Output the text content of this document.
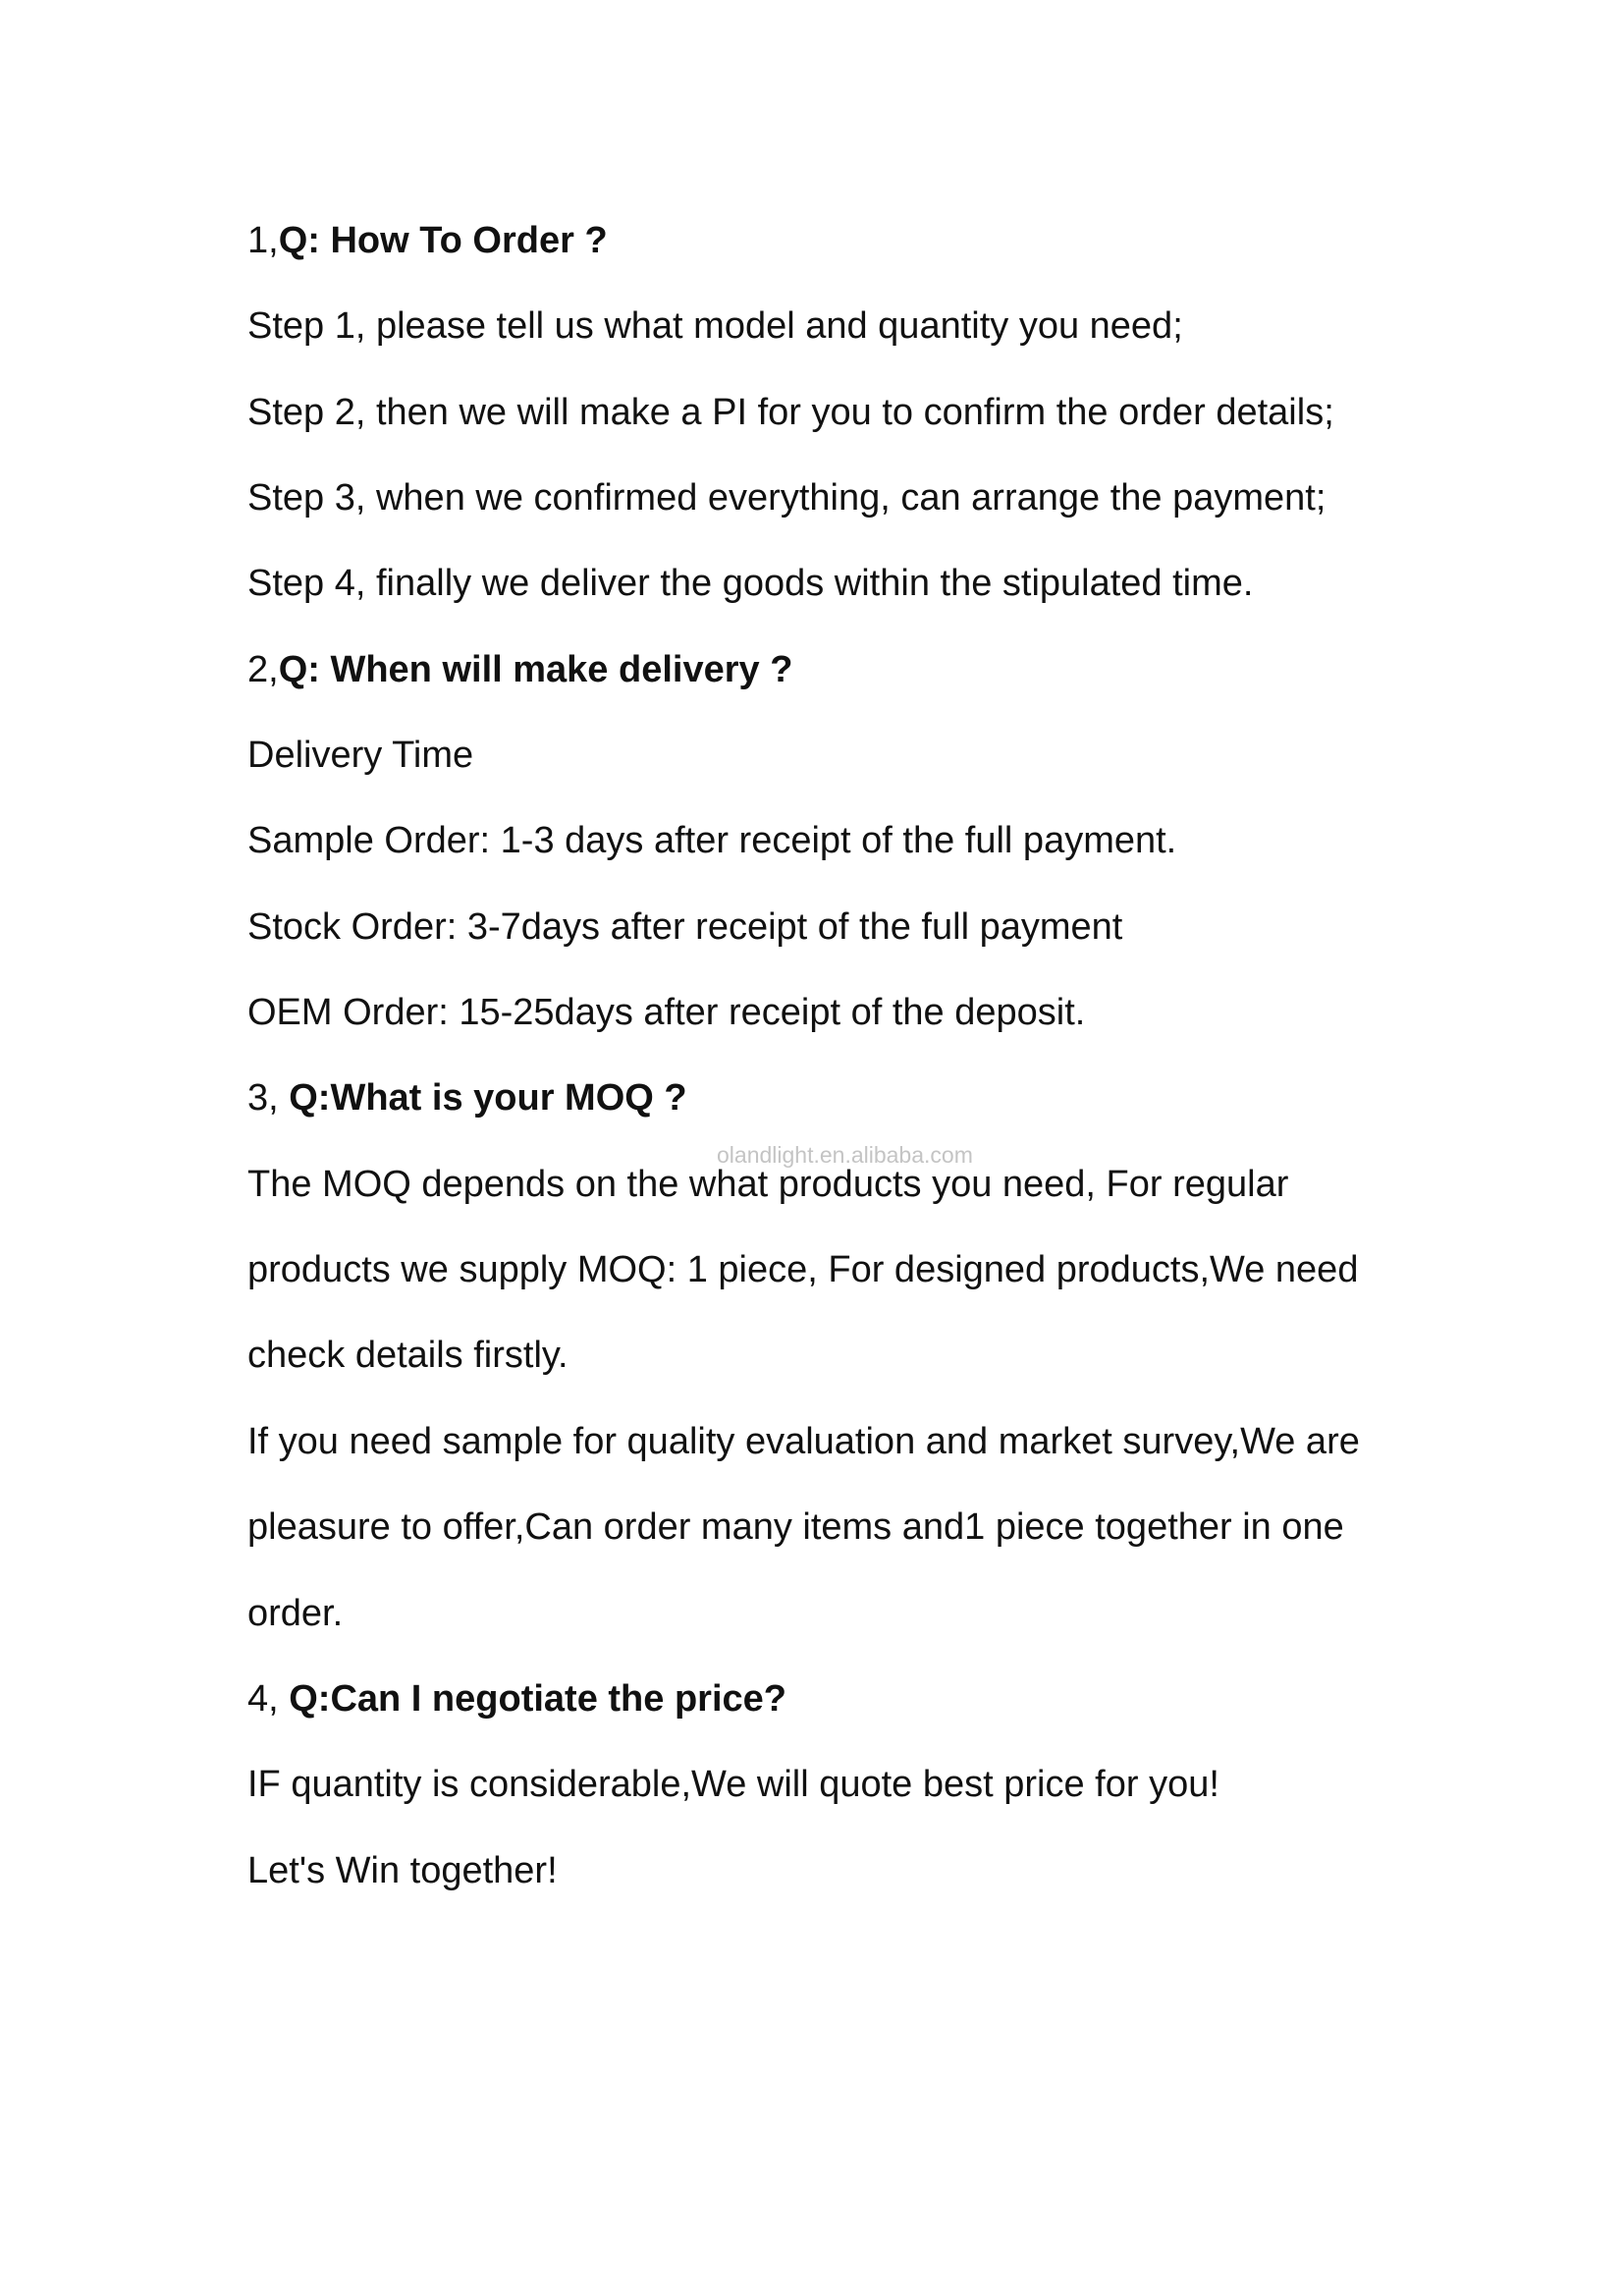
1,Q: How To Order ?
Step 1, please tell us what model and quantity you need;
Step 2, then we will make a PI for you to confirm the order details;
Step 3, when we confirmed everything, can arrange the payment;
Step 4, finally we deliver the goods within the stipulated time.
2,Q: When will make delivery ?
Delivery Time
Sample Order: 1-3 days after receipt of the full payment.
Stock Order: 3-7days after receipt of the full payment
OEM Order: 15-25days after receipt of the deposit.
3, Q:What is your MOQ ?
olandlight.en.alibaba.com
The MOQ depends on the what products you need, For regular
products we supply MOQ: 1 piece, For designed products,We need
check details firstly.
If you need sample for quality evaluation and market survey,We are
pleasure to offer,Can order many items and1 piece together in one
order.
4, Q:Can I negotiate the price?
IF quantity is considerable,We will quote best price for you!
Let's Win together!
